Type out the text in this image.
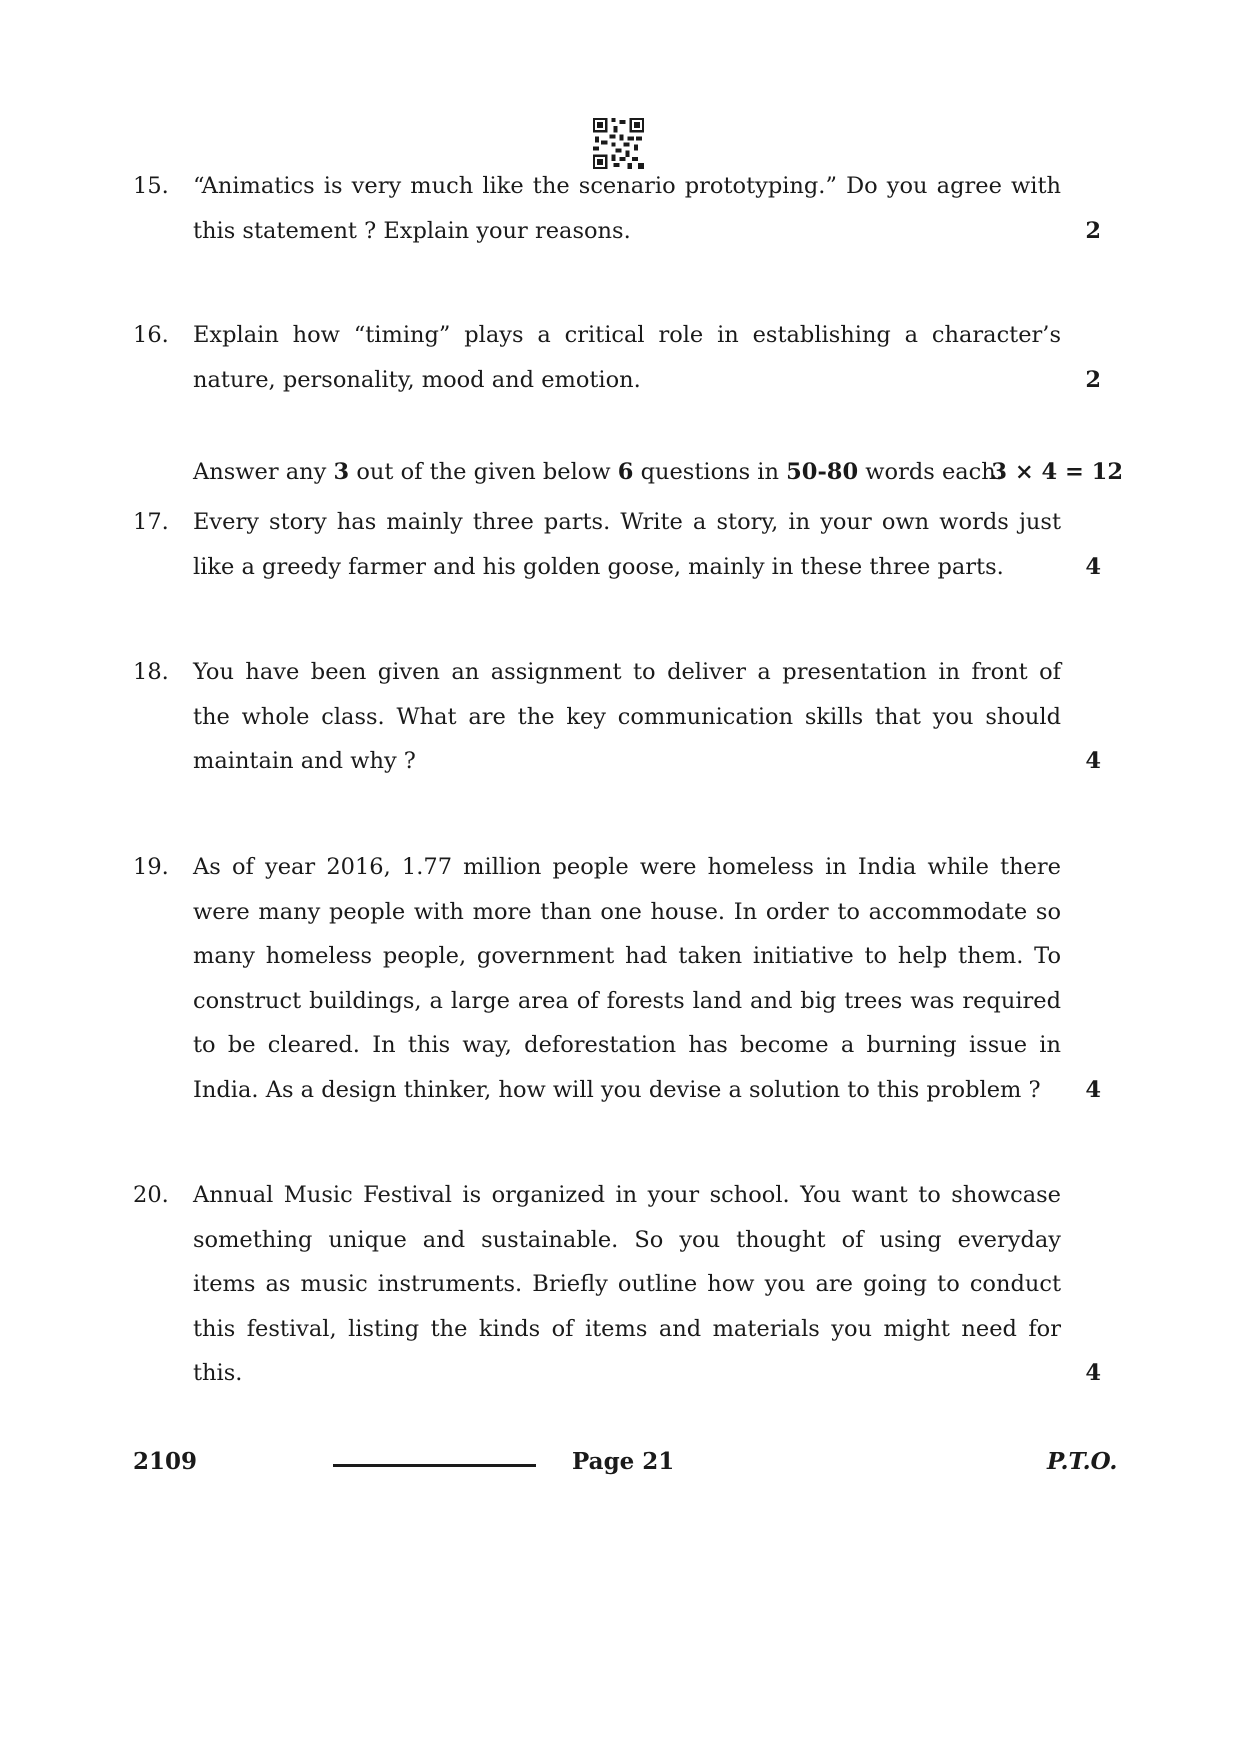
15. “Animatics is very much like the scenario prototyping.” Do you agree with
this statement ? Explain your reasons.	2
16. Explain how “timing” plays a critical role in establishing a character’s
nature, personality, mood and emotion.	2
Answer any 3 out of the given below 6 questions in 50-80 words each.
3 × 4 = 12
17. Every story has mainly three parts. Write a story, in your own words just
like a greedy farmer and his golden goose, mainly in these three parts.	4
18. You have been given an assignment to deliver a presentation in front of
the whole class. What are the key communication skills that you should
maintain and why ?	4
19. As of year 2016, 1.77 million people were homeless in India while there
were many people with more than one house. In order to accommodate so
many homeless people, government had taken initiative to help them. To
construct buildings, a large area of forests land and big trees was required
to be cleared. In this way, deforestation has become a burning issue in
India. As a design thinker, how will you devise a solution to this problem ?	4
20. Annual Music Festival is organized in your school. You want to showcase
something unique and sustainable. So you thought of using everyday
items as music instruments. Briefly outline how you are going to conduct
this festival, listing the kinds of items and materials you might need for
this.	4
2109	Page 21	P.T.O.
